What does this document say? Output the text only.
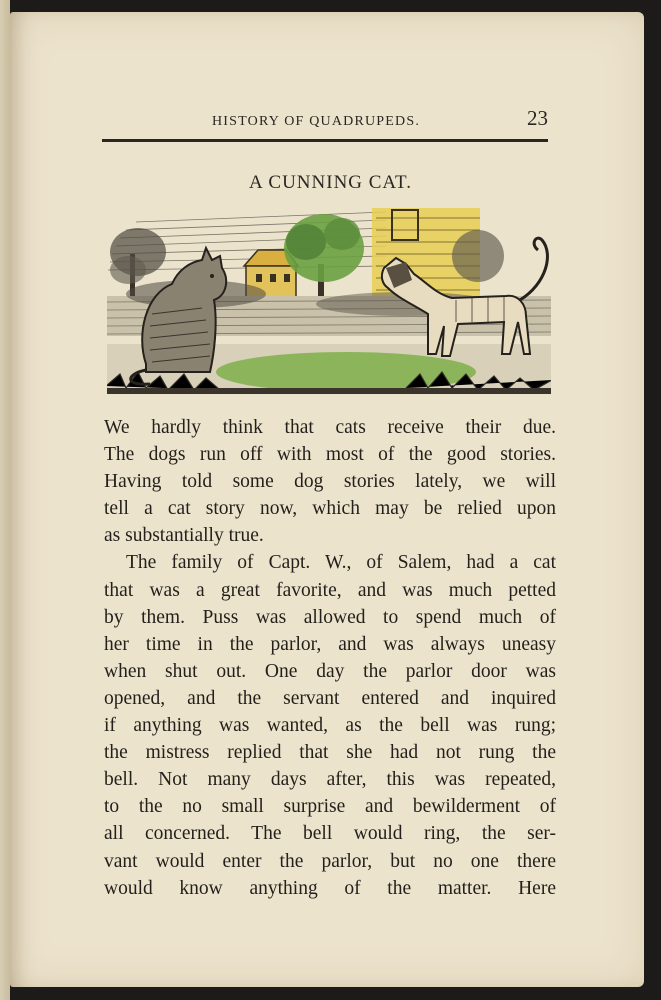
HISTORY OF QUADRUPEDS.	23
A CUNNING CAT.
We hardly think that cats receive their due.
The dogs run off with most of the good stories.
Having told some dog stories lately, we will
tell a cat story now, which may be relied upon
as substantially true.
The family of Capt. W., of Salem, had a cat
that was a great favorite, and was much petted
by them. Puss was allowed to spend much of
her time in the parlor, and was always uneasy
when shut out. One day the parlor door was
opened, and the servant entered and inquired
if anything was wanted, as the bell was rung;
the mistress replied that she had not rung the
bell. Not many days after, this was repeated,
to the no small surprise and bewilderment of
all concerned. The bell would ring, the ser-
vant would enter the parlor, but no one there
would know anything of the matter. Here
